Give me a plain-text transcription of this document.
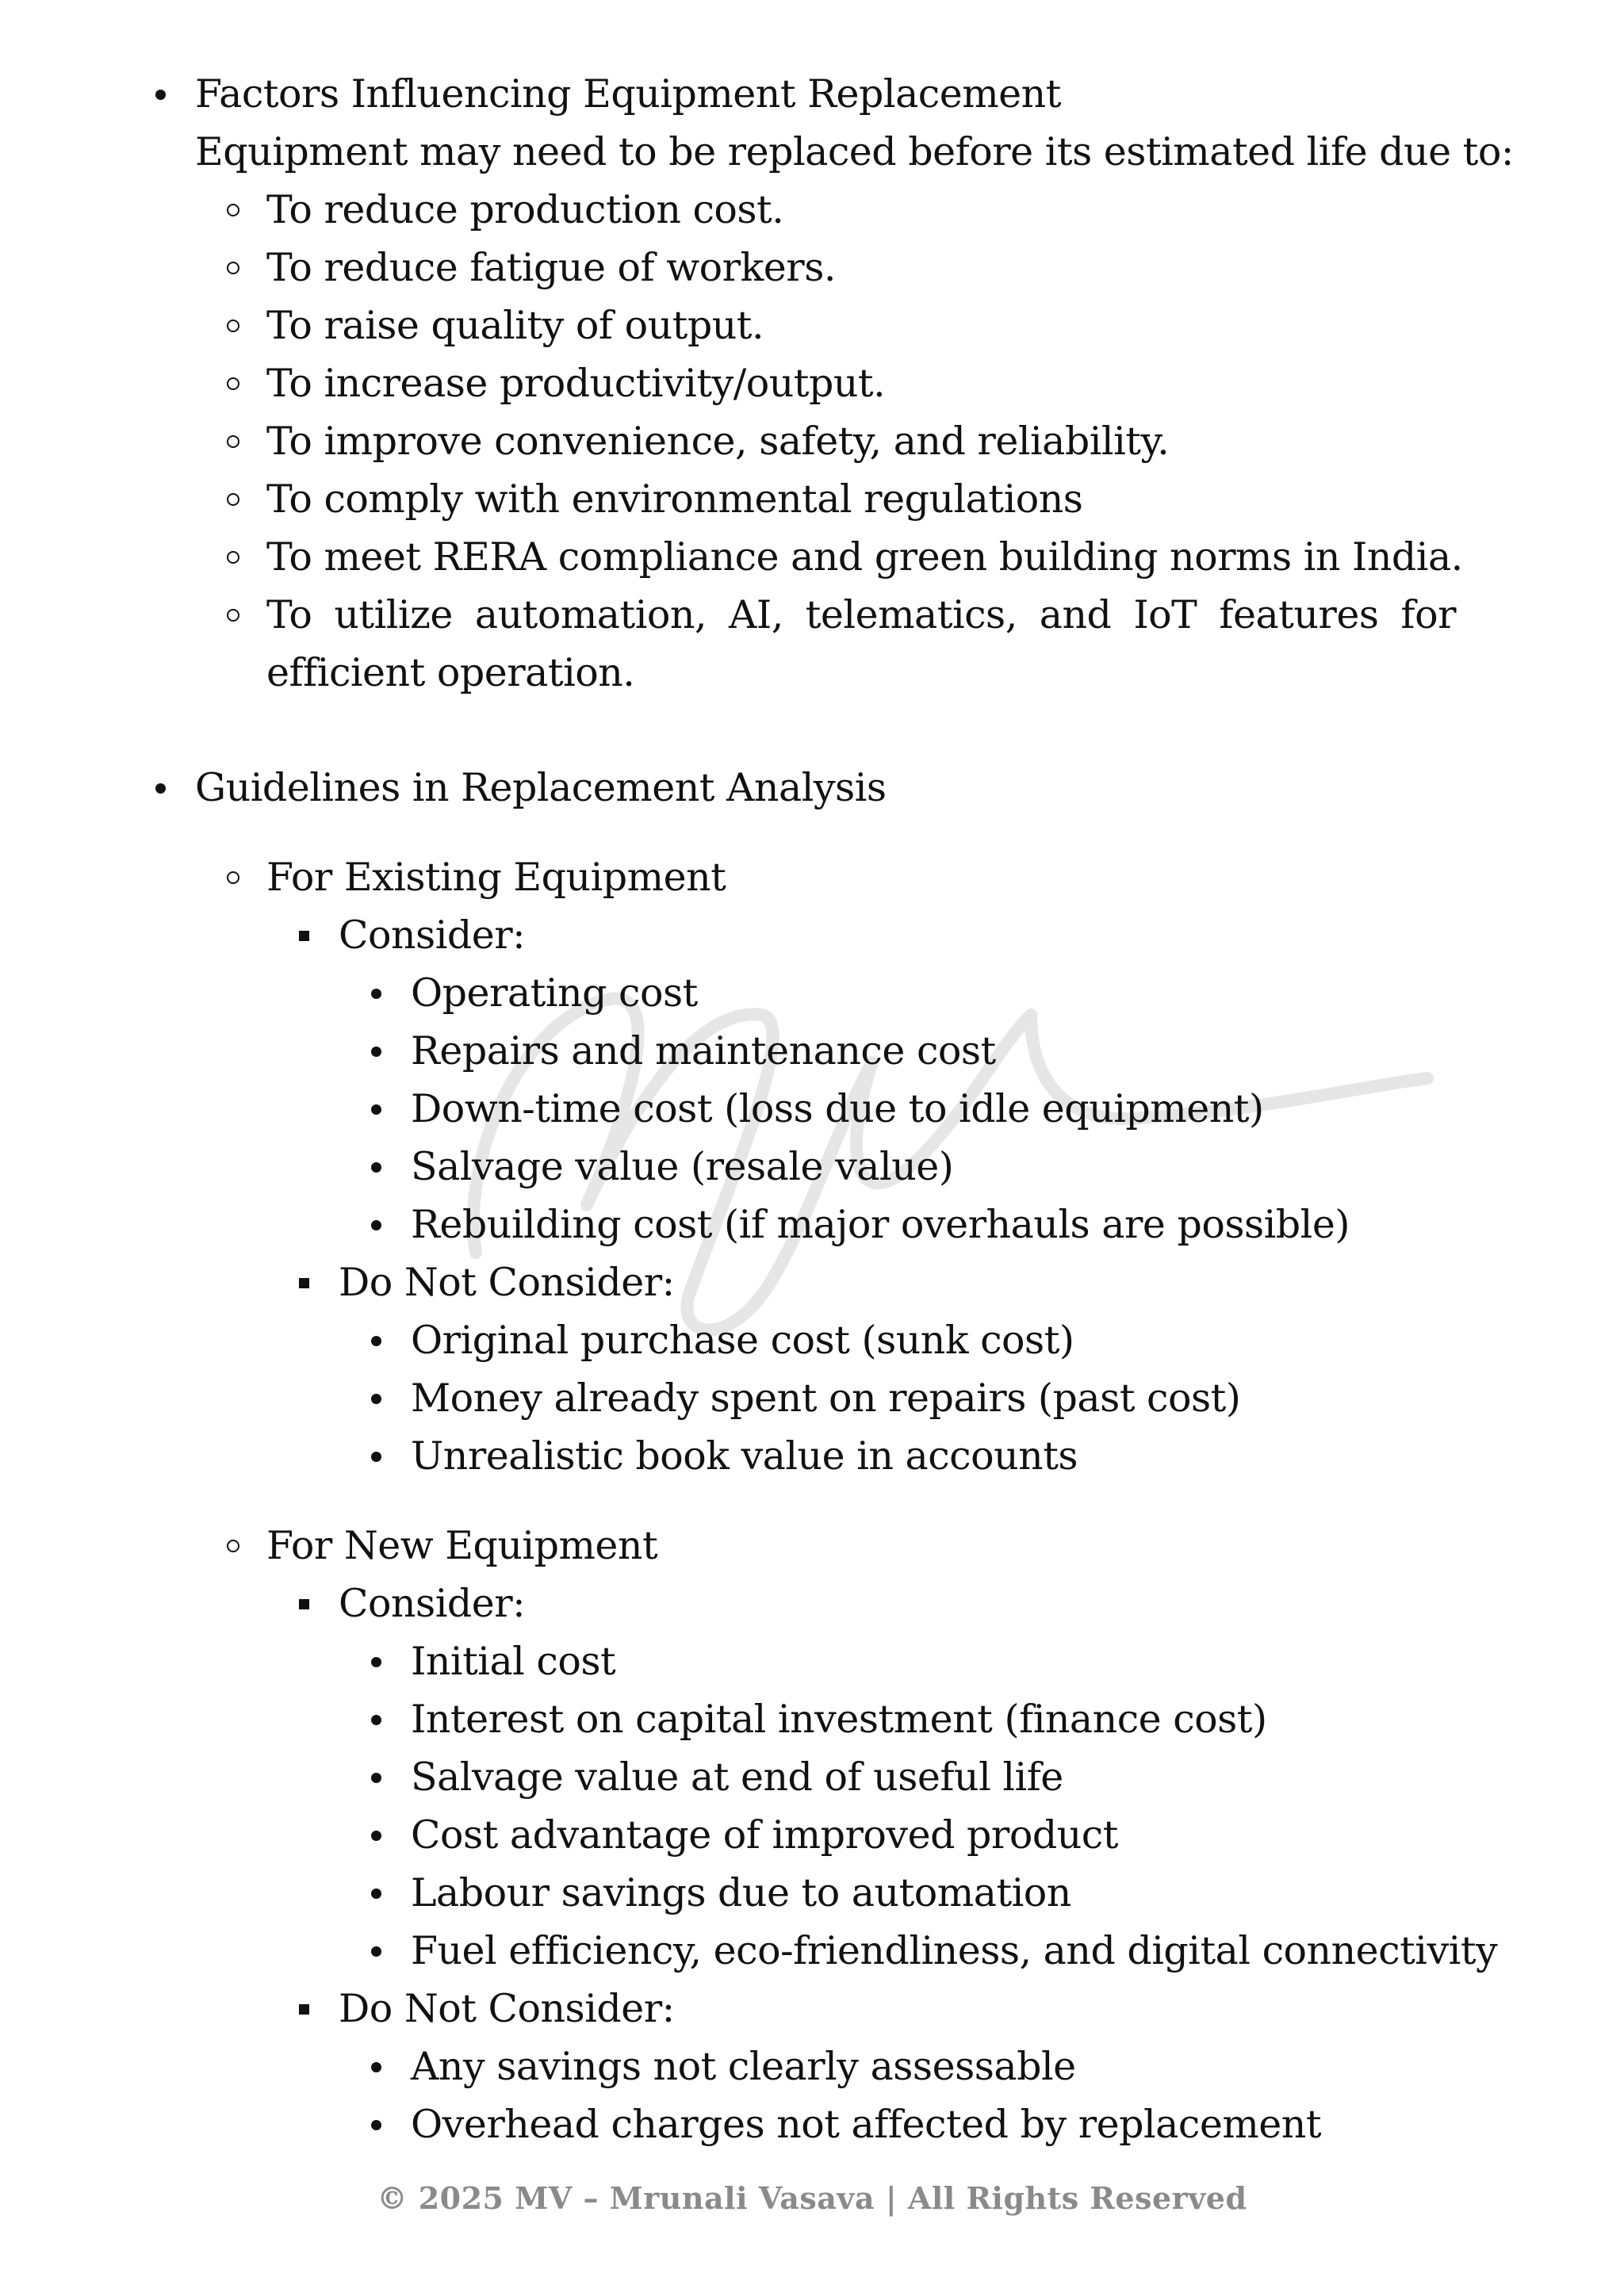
Factors Influencing Equipment Replacement
Equipment may need to be replaced before its estimated life due to:
To reduce production cost.
To reduce fatigue of workers.
To raise quality of output.
To increase productivity/output.
To improve convenience, safety, and reliability.
To comply with environmental regulations
To meet RERA compliance and green building norms in India.
To utilize automation, AI, telematics, and IoT features for efficient operation.
Guidelines in Replacement Analysis
For Existing Equipment
Consider:
Operating cost
Repairs and maintenance cost
Down-time cost (loss due to idle equipment)
Salvage value (resale value)
Rebuilding cost (if major overhauls are possible)
Do Not Consider:
Original purchase cost (sunk cost)
Money already spent on repairs (past cost)
Unrealistic book value in accounts
For New Equipment
Consider:
Initial cost
Interest on capital investment (finance cost)
Salvage value at end of useful life
Cost advantage of improved product
Labour savings due to automation
Fuel efficiency, eco-friendliness, and digital connectivity
Do Not Consider:
Any savings not clearly assessable
Overhead charges not affected by replacement
© 2025 MV – Mrunali Vasava | All Rights Reserved
